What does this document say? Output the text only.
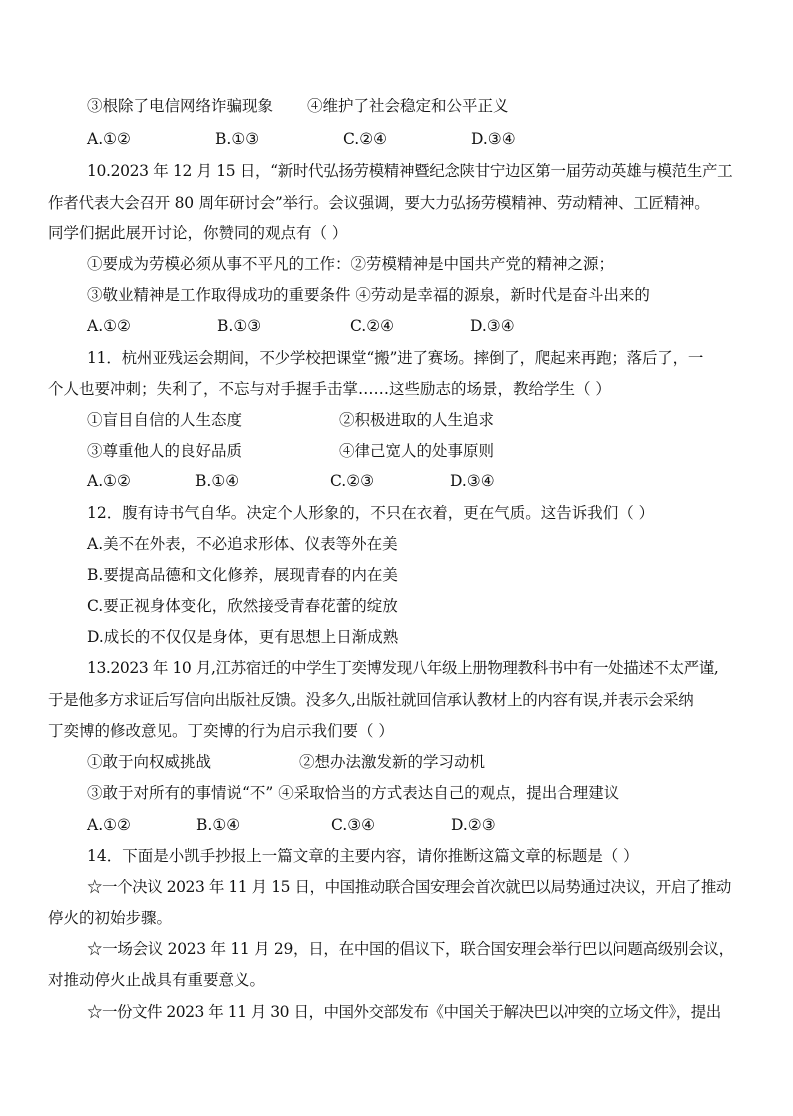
③根除了电信网络诈骗现象 ④维护了社会稳定和公平正义
A.①②	B.①③	C.②④	D.③④
10.2023 年 12 月 15 日，“新时代弘扬劳模精神暨纪念陕甘宁边区第一届劳动英雄与模范生产工
作者代表大会召开 80 周年研讨会”举行。会议强调，要大力弘扬劳模精神、劳动精神、工匠精神。
同学们据此展开讨论，你赞同的观点有（ ）
①要成为劳模必须从事不平凡的工作：②劳模精神是中国共产党的精神之源；
③敬业精神是工作取得成功的重要条件 ④劳动是幸福的源泉，新时代是奋斗出来的
A.①②	B.①③	C.②④	D.③④
11．杭州亚残运会期间，不少学校把课堂“搬”进了赛场。摔倒了，爬起来再跑；落后了，一
个人也要冲刺；失利了，不忘与对手握手击掌……这些励志的场景，教给学生（ ）
①盲目自信的人生态度	②积极进取的人生追求
③尊重他人的良好品质	④律己宽人的处事原则
A.①②	B.①④	C.②③	D.③④
12．腹有诗书气自华。决定个人形象的，不只在衣着，更在气质。这告诉我们（ ）
A.美不在外表，不必追求形体、仪表等外在美
B.要提高品德和文化修养，展现青春的内在美
C.要正视身体变化，欣然接受青春花蕾的绽放
D.成长的不仅仅是身体，更有思想上日渐成熟
13.2023 年 10 月,江苏宿迁的中学生丁奕博发现八年级上册物理教科书中有一处描述不太严谨,
于是他多方求证后写信向出版社反馈。没多久,出版社就回信承认教材上的内容有误,并表示会采纳
丁奕博的修改意见。丁奕博的行为启示我们要（ ）
①敢于向权威挑战	②想办法激发新的学习动机
③敢于对所有的事情说“不” ④采取恰当的方式表达自己的观点，提出合理建议
A.①②	B.①④	C.③④	D.②③
14．下面是小凯手抄报上一篇文章的主要内容，请你推断这篇文章的标题是（ ）
☆一个决议 2023 年 11 月 15 日，中国推动联合国安理会首次就巴以局势通过决议，开启了推动
停火的初始步骤。
☆一场会议 2023 年 11 月 29，日，在中国的倡议下，联合国安理会举行巴以问题高级别会议，
对推动停火止战具有重要意义。
☆一份文件 2023 年 11 月 30 日，中国外交部发布《中国关于解决巴以冲突的立场文件》，提出
